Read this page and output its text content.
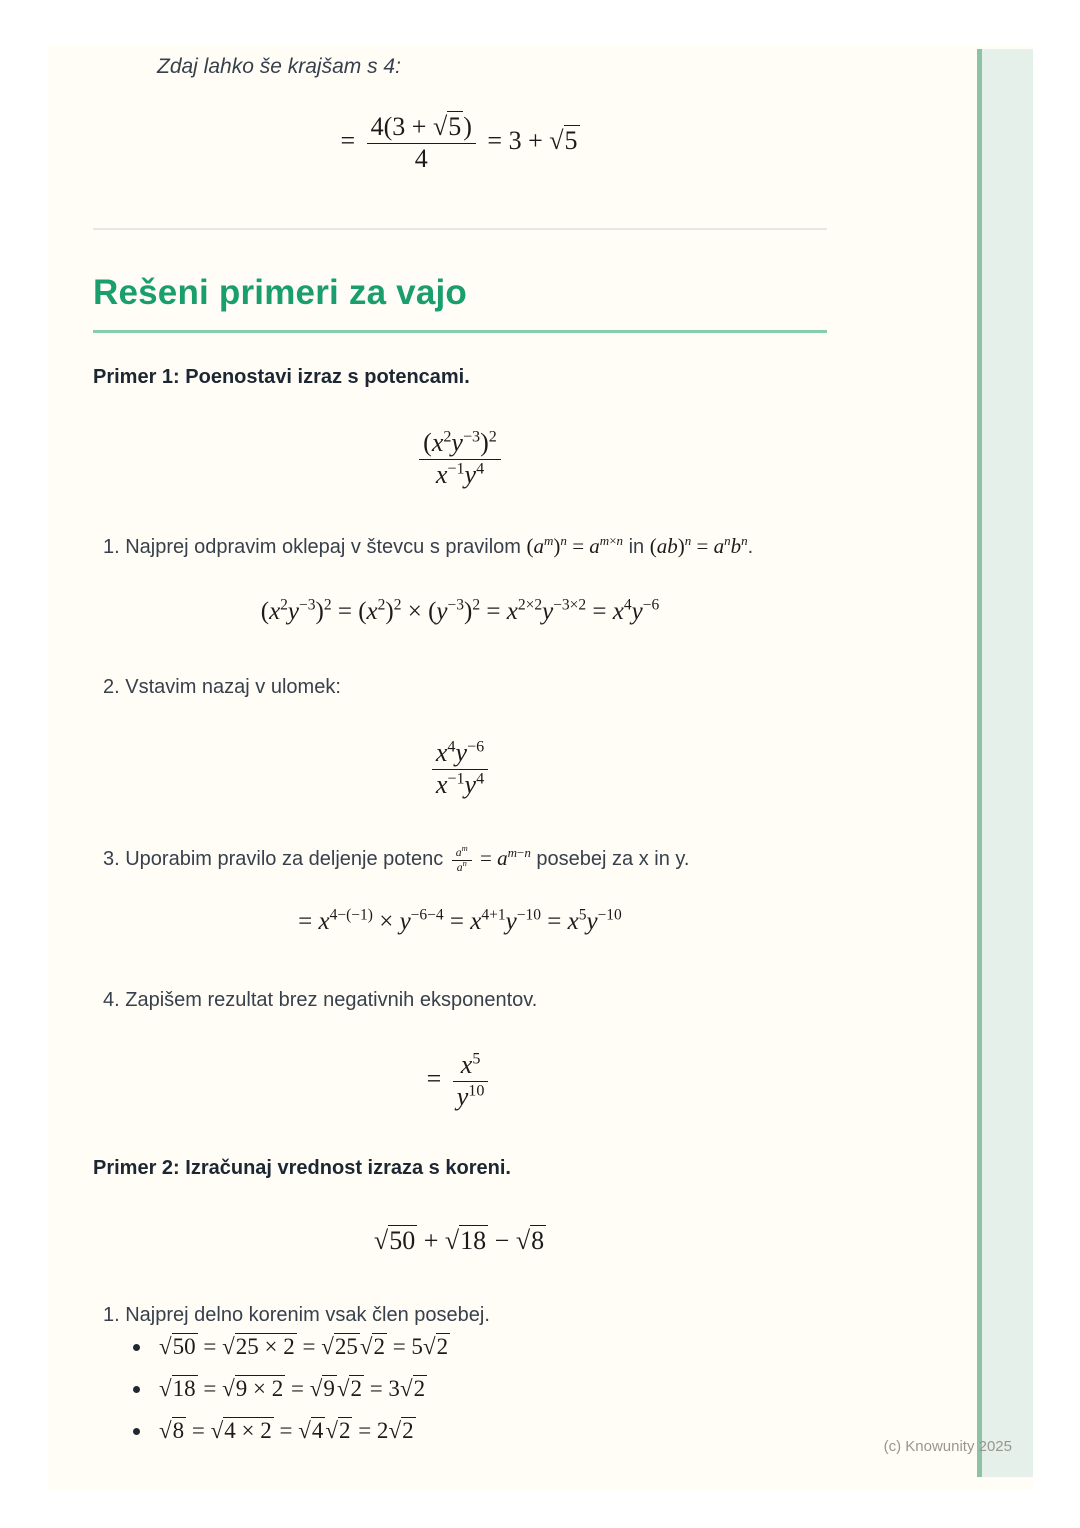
Zdaj lahko še krajšam s 4:
= $\frac{4(3 + √5)}{4} = 3 + √5$
Rešeni primeri za vajo
Primer 1: Poenostavi izraz s potencami.
$\frac{(x^2y^{-3})^2}{x^{-1}y^4}$
1. Najprej odpravim oklepaj v števcu s pravilom $(a^m)^n = a^{m\times n}$ in $(ab)^n = a^nb^n$.
$(x^2y^{-3})^2 = (x^2)^2 \times (y^{-3})^2 = x^{2\times 2}y^{-3\times 2} = x^4y^{-6}$
2. Vstavim nazaj v ulomek:
$\frac{x^4y^{-6}}{x^{-1}y^4}$
3. Uporabim pravilo za deljenje potenc $\frac{a^m}{a^n} = a^{m-n}$ posebej za x in y.
= $x^{4-(-1)} \times y^{-6-4} = x^{4+1}y^{-10} = x^5y^{-10}$
4. Zapišem rezultat brez negativnih eksponentov.
= $\frac{x^5}{y^{10}}$
Primer 2: Izračunaj vrednost izraza s koreni.
√50 + √18 − √8
1. Najprej delno korenim vsak člen posebej.
√50 = √25 × 2 = √25√2 = 5√2
√18 = √9 × 2 = √9√2 = 3√2
√8 = √4 × 2 = √4√2 = 2√2
(c) Knowunity 2025
